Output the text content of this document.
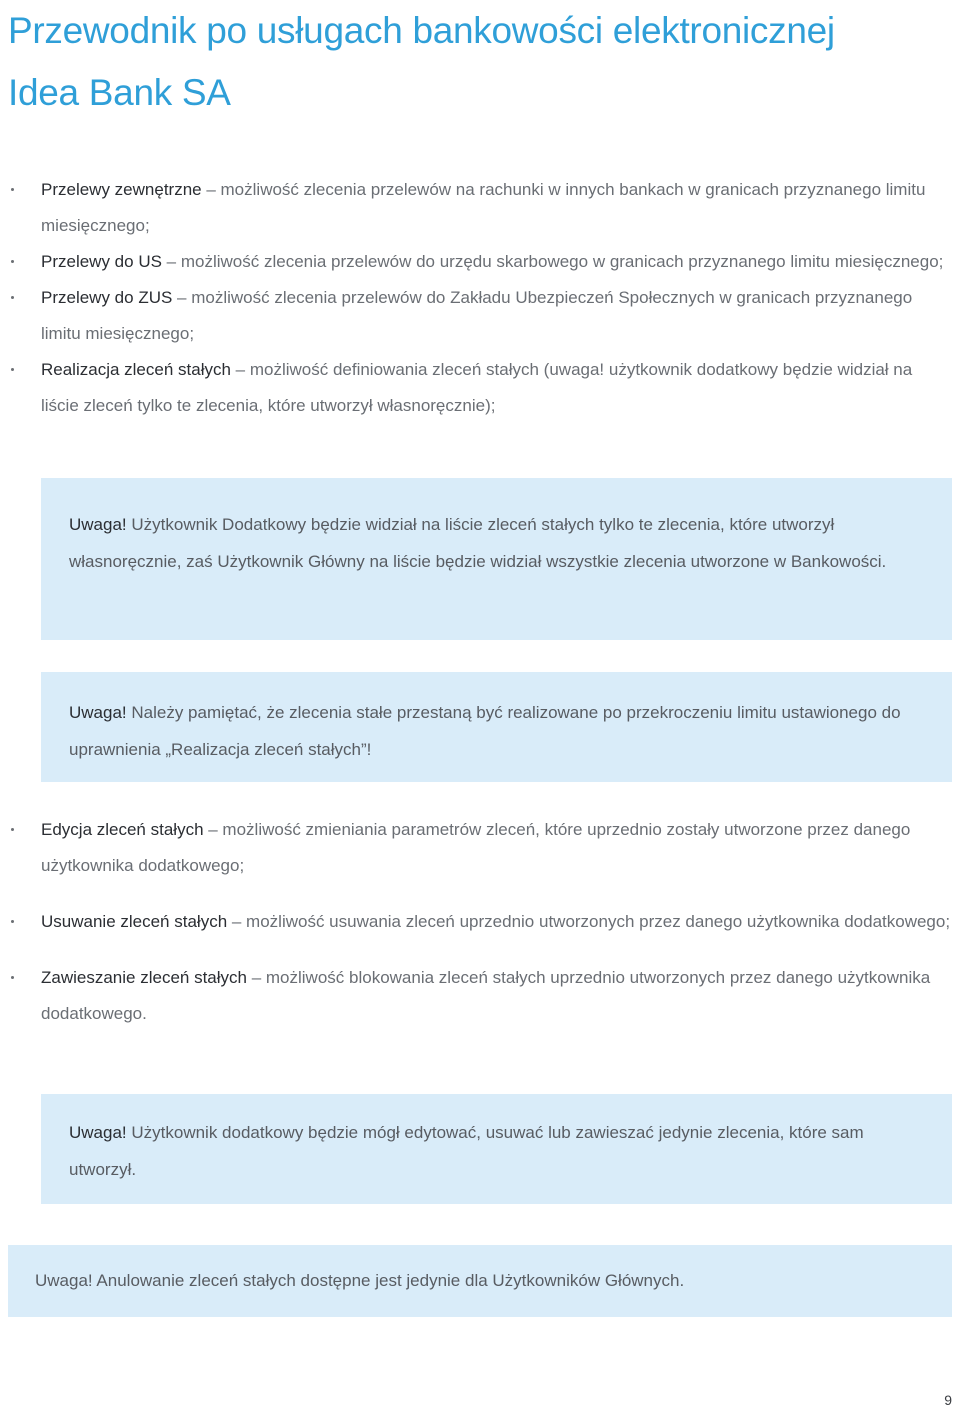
Przewodnik po usługach bankowości elektronicznej
Idea Bank SA
Przelewy zewnętrzne – możliwość zlecenia przelewów na rachunki w innych bankach w granicach przyznanego limitu miesięcznego;
Przelewy do US – możliwość zlecenia przelewów do urzędu skarbowego w granicach przyznanego limitu miesięcznego;
Przelewy do ZUS – możliwość zlecenia przelewów do Zakładu Ubezpieczeń Społecznych w granicach przyznanego limitu miesięcznego;
Realizacja zleceń stałych – możliwość definiowania zleceń stałych (uwaga! użytkownik dodatkowy będzie widział na liście zleceń tylko te zlecenia, które utworzył własnoręcznie);
Uwaga! Użytkownik Dodatkowy będzie widział na liście zleceń stałych tylko te zlecenia, które utworzył własnoręcznie, zaś Użytkownik Główny na liście będzie widział wszystkie zlecenia utworzone w Bankowości.
Uwaga! Należy pamiętać, że zlecenia stałe przestaną być realizowane po przekroczeniu limitu ustawionego do uprawnienia „Realizacja zleceń stałych”!
Edycja zleceń stałych – możliwość zmieniania parametrów zleceń, które uprzednio zostały utworzone przez danego użytkownika dodatkowego;
Usuwanie zleceń stałych – możliwość usuwania zleceń uprzednio utworzonych przez danego użytkownika dodatkowego;
Zawieszanie zleceń stałych – możliwość blokowania zleceń stałych uprzednio utworzonych przez danego użytkownika dodatkowego.
Uwaga! Użytkownik dodatkowy będzie mógł edytować, usuwać lub zawieszać jedynie zlecenia, które sam utworzył.
Uwaga! Anulowanie zleceń stałych dostępne jest jedynie dla Użytkowników Głównych.
9
